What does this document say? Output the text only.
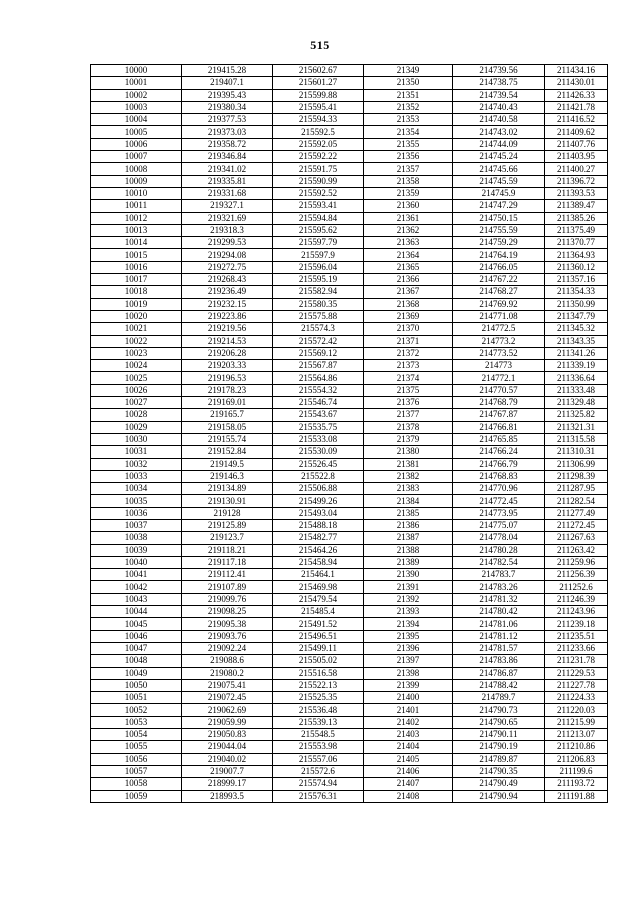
515
10000	219415.28	215602.67	21349	214739.56	211434.16
10001	219407.1	215601.27	21350	214738.75	211430.01
10002	219395.43	215599.88	21351	214739.54	211426.33
10003	219380.34	215595.41	21352	214740.43	211421.78
10004	219377.53	215594.33	21353	214740.58	211416.52
10005	219373.03	215592.5	21354	214743.02	211409.62
10006	219358.72	215592.05	21355	214744.09	211407.76
10007	219346.84	215592.22	21356	214745.24	211403.95
10008	219341.02	215591.75	21357	214745.66	211400.27
10009	219335.81	215590.99	21358	214745.59	211396.72
10010	219331.68	215592.52	21359	214745.9	211393.53
10011	219327.1	215593.41	21360	214747.29	211389.47
10012	219321.69	215594.84	21361	214750.15	211385.26
10013	219318.3	215595.62	21362	214755.59	211375.49
10014	219299.53	215597.79	21363	214759.29	211370.77
10015	219294.08	215597.9	21364	214764.19	211364.93
10016	219272.75	215596.04	21365	214766.05	211360.12
10017	219268.43	215595.19	21366	214767.22	211357.16
10018	219236.49	215582.94	21367	214768.27	211354.33
10019	219232.15	215580.35	21368	214769.92	211350.99
10020	219223.86	215575.88	21369	214771.08	211347.79
10021	219219.56	215574.3	21370	214772.5	211345.32
10022	219214.53	215572.42	21371	214773.2	211343.35
10023	219206.28	215569.12	21372	214773.52	211341.26
10024	219203.33	215567.87	21373	214773	211339.19
10025	219196.53	215564.86	21374	214772.1	211336.64
10026	219178.23	215554.32	21375	214770.57	211333.48
10027	219169.01	215546.74	21376	214768.79	211329.48
10028	219165.7	215543.67	21377	214767.87	211325.82
10029	219158.05	215535.75	21378	214766.81	211321.31
10030	219155.74	215533.08	21379	214765.85	211315.58
10031	219152.84	215530.09	21380	214766.24	211310.31
10032	219149.5	215526.45	21381	214766.79	211306.99
10033	219146.3	215522.8	21382	214768.83	211298.39
10034	219134.89	215506.88	21383	214770.96	211287.95
10035	219130.91	215499.26	21384	214772.45	211282.54
10036	219128	215493.04	21385	214773.95	211277.49
10037	219125.89	215488.18	21386	214775.07	211272.45
10038	219123.7	215482.77	21387	214778.04	211267.63
10039	219118.21	215464.26	21388	214780.28	211263.42
10040	219117.18	215458.94	21389	214782.54	211259.96
10041	219112.41	215464.1	21390	214783.7	211256.39
10042	219107.89	215469.98	21391	214783.26	211252.6
10043	219099.76	215479.54	21392	214781.32	211246.39
10044	219098.25	215485.4	21393	214780.42	211243.96
10045	219095.38	215491.52	21394	214781.06	211239.18
10046	219093.76	215496.51	21395	214781.12	211235.51
10047	219092.24	215499.11	21396	214781.57	211233.66
10048	219088.6	215505.02	21397	214783.86	211231.78
10049	219080.2	215516.58	21398	214786.87	211229.53
10050	219075.41	215522.13	21399	214788.42	211227.78
10051	219072.45	215525.35	21400	214789.7	211224.33
10052	219062.69	215536.48	21401	214790.73	211220.03
10053	219059.99	215539.13	21402	214790.65	211215.99
10054	219050.83	215548.5	21403	214790.11	211213.07
10055	219044.04	215553.98	21404	214790.19	211210.86
10056	219040.02	215557.06	21405	214789.87	211206.83
10057	219007.7	215572.6	21406	214790.35	211199.6
10058	218999.17	215574.94	21407	214790.49	211193.72
10059	218993.5	215576.31	21408	214790.94	211191.88
